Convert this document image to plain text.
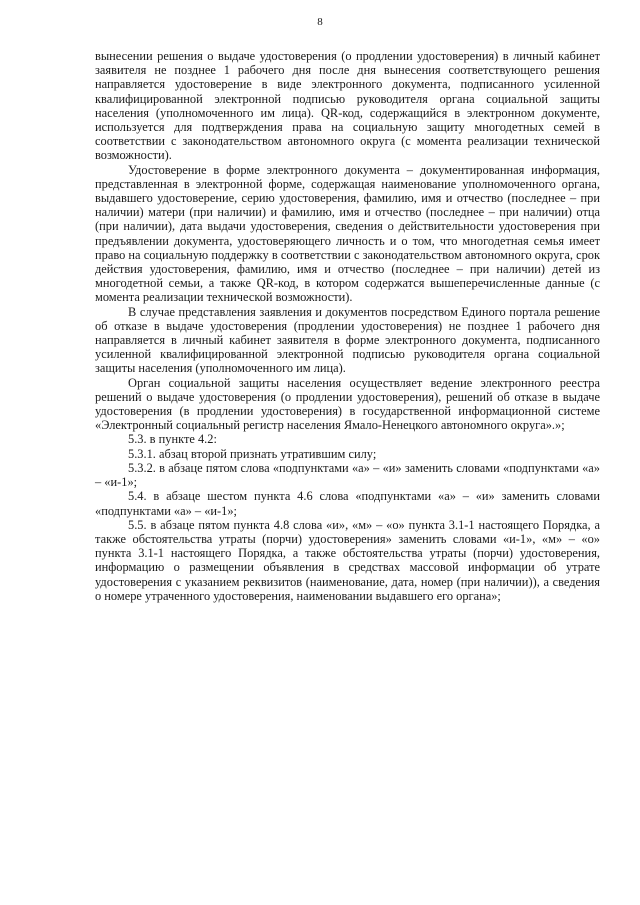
8

вынесении решения о выдаче удостоверения (о продлении удостоверения) в личный кабинет заявителя не позднее 1 рабочего дня после дня вынесения соответствующего решения направляется удостоверение в виде электронного документа, подписанного усиленной квалифицированной электронной подписью руководителя органа социальной защиты населения (уполномоченного им лица). QR-код, содержащийся в электронном документе, используется для подтверждения права на социальную защиту многодетных семей в соответствии с законодательством автономного округа (с момента реализации технической возможности).

Удостоверение в форме электронного документа – документированная информация, представленная в электронной форме, содержащая наименование уполномоченного органа, выдавшего удостоверение, серию удостоверения, фамилию, имя и отчество (последнее – при наличии) матери (при наличии) и фамилию, имя и отчество (последнее – при наличии) отца (при наличии), дата выдачи удостоверения, сведения о действительности удостоверения при предъявлении документа, удостоверяющего личность и о том, что многодетная семья имеет право на социальную поддержку в соответствии с законодательством автономного округа, срок действия удостоверения, фамилию, имя и отчество (последнее – при наличии) детей из многодетной семьи, а также QR-код, в котором содержатся вышеперечисленные данные (с момента реализации технической возможности).

В случае представления заявления и документов посредством Единого портала решение об отказе в выдаче удостоверения (продлении удостоверения) не позднее 1 рабочего дня направляется в личный кабинет заявителя в форме электронного документа, подписанного усиленной квалифицированной электронной подписью руководителя органа социальной защиты населения (уполномоченного им лица).

Орган социальной защиты населения осуществляет ведение электронного реестра решений о выдаче удостоверения (о продлении удостоверения), решений об отказе в выдаче удостоверения (в продлении удостоверения) в государственной информационной системе «Электронный социальный регистр населения Ямало-Ненецкого автономного округа».»;

5.3. в пункте 4.2:

5.3.1. абзац второй признать утратившим силу;

5.3.2. в абзаце пятом слова «подпунктами «а» – «и» заменить словами «подпунктами «а» – «и-1»;

5.4. в абзаце шестом пункта 4.6 слова «подпунктами «а» – «и» заменить словами «подпунктами «а» – «и-1»;

5.5. в абзаце пятом пункта 4.8 слова «и», «м» – «о» пункта 3.1-1 настоящего Порядка, а также обстоятельства утраты (порчи) удостоверения» заменить словами «и-1», «м» – «о» пункта 3.1-1 настоящего Порядка, а также обстоятельства утраты (порчи) удостоверения, информацию о размещении объявления в средствах массовой информации об утрате удостоверения с указанием реквизитов (наименование, дата, номер (при наличии)), а сведения о номере утраченного удостоверения, наименовании выдавшего его органа»;
